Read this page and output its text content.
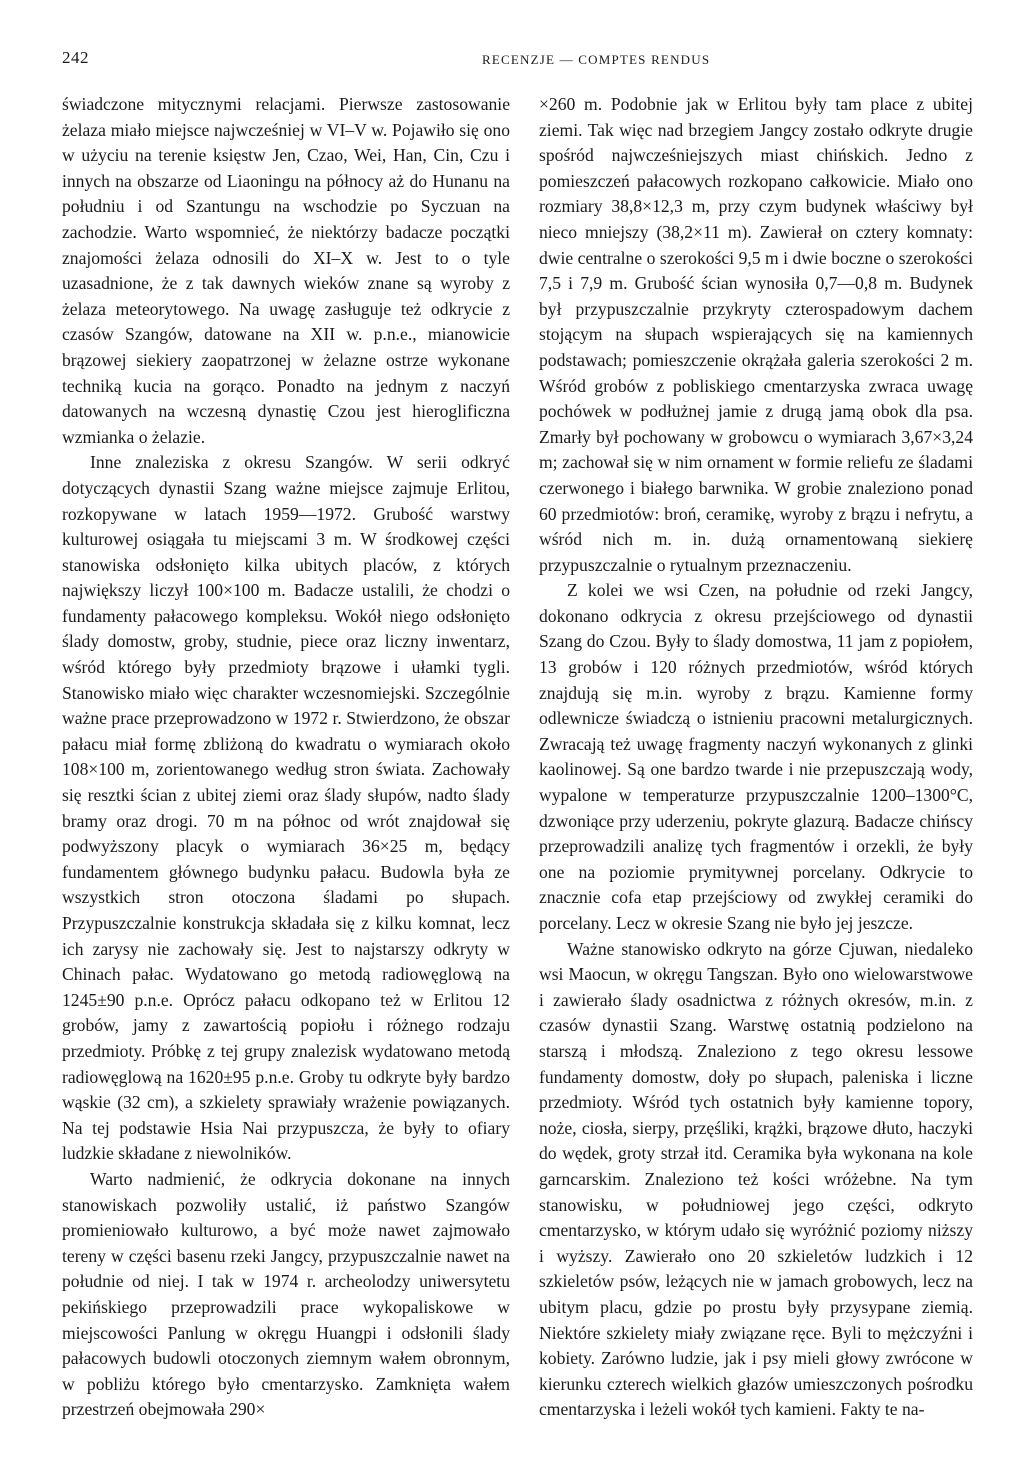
242	RECENZJE — COMPTES RENDUS

świadczone mitycznymi relacjami. Pierwsze zastosowanie żelaza miało miejsce najwcześniej w VI–V w. Pojawiło się ono w użyciu na terenie księstw Jen, Czao, Wei, Han, Cin, Czu i innych na obszarze od Liaoningu na północy aż do Hunanu na południu i od Szantungu na wschodzie po Syczuan na zachodzie. Warto wspomnieć, że niektórzy badacze początki znajomości żelaza odnosili do XI–X w. Jest to o tyle uzasadnione, że z tak dawnych wieków znane są wyroby z żelaza meteorytowego. Na uwagę zasługuje też odkrycie z czasów Szangów, datowane na XII w. p.n.e., mianowicie brązowej siekiery zaopatrzonej w żelazne ostrze wykonane techniką kucia na gorąco. Ponadto na jednym z naczyń datowanych na wczesną dynastię Czou jest hieroglificzna wzmianka o żelazie.

Inne znaleziska z okresu Szangów. W serii odkryć dotyczących dynastii Szang ważne miejsce zajmuje Erlitou, rozkopywane w latach 1959—1972. Grubość warstwy kulturowej osiągała tu miejscami 3 m. W środkowej części stanowiska odsłonięto kilka ubitych placów, z których największy liczył 100×100 m. Badacze ustalili, że chodzi o fundamenty pałacowego kompleksu. Wokół niego odsłonięto ślady domostw, groby, studnie, piece oraz liczny inwentarz, wśród którego były przedmioty brązowe i ułamki tygli. Stanowisko miało więc charakter wczesnomiejski. Szczególnie ważne prace przeprowadzono w 1972 r. Stwierdzono, że obszar pałacu miał formę zbliżoną do kwadratu o wymiarach około 108×100 m, zorientowanego według stron świata. Zachowały się resztki ścian z ubitej ziemi oraz ślady słupów, nadto ślady bramy oraz drogi. 70 m na północ od wrót znajdował się podwyższony placyk o wymiarach 36×25 m, będący fundamentem głównego budynku pałacu. Budowla była ze wszystkich stron otoczona śladami po słupach. Przypuszczalnie konstrukcja składała się z kilku komnat, lecz ich zarysy nie zachowały się. Jest to najstarszy odkryty w Chinach pałac. Wydatowano go metodą radiowęglową na 1245±90 p.n.e. Oprócz pałacu odkopano też w Erlitou 12 grobów, jamy z zawartością popiołu i różnego rodzaju przedmioty. Próbkę z tej grupy znalezisk wydatowano metodą radiowęglową na 1620±95 p.n.e. Groby tu odkryte były bardzo wąskie (32 cm), a szkielety sprawiały wrażenie powiązanych. Na tej podstawie Hsia Nai przypuszcza, że były to ofiary ludzkie składane z niewolników.

Warto nadmienić, że odkrycia dokonane na innych stanowiskach pozwoliły ustalić, iż państwo Szangów promieniowało kulturowo, a być może nawet zajmowało tereny w części basenu rzeki Jangcy, przypuszczalnie nawet na południe od niej. I tak w 1974 r. archeolodzy uniwersytetu pekińskiego przeprowadzili prace wykopaliskowe w miejscowości Panlung w okręgu Huangpi i odsłonili ślady pałacowych budowli otoczonych ziemnym wałem obronnym, w pobliżu którego było cmentarzysko. Zamknięta wałem przestrzeń obejmowała 290×

×260 m. Podobnie jak w Erlitou były tam place z ubitej ziemi. Tak więc nad brzegiem Jangcy zostało odkryte drugie spośród najwcześniejszych miast chińskich. Jedno z pomieszczeń pałacowych rozkopano całkowicie. Miało ono rozmiary 38,8×12,3 m, przy czym budynek właściwy był nieco mniejszy (38,2×11 m). Zawierał on cztery komnaty: dwie centralne o szerokości 9,5 m i dwie boczne o szerokości 7,5 i 7,9 m. Grubość ścian wynosiła 0,7—0,8 m. Budynek był przypuszczalnie przykryty czterospadowym dachem stojącym na słupach wspierających się na kamiennych podstawach; pomieszczenie okrążała galeria szerokości 2 m. Wśród grobów z pobliskiego cmentarzyska zwraca uwagę pochówek w podłużnej jamie z drugą jamą obok dla psa. Zmarły był pochowany w grobowcu o wymiarach 3,67×3,24 m; zachował się w nim ornament w formie reliefu ze śladami czerwonego i białego barwnika. W grobie znaleziono ponad 60 przedmiotów: broń, ceramikę, wyroby z brązu i nefrytu, a wśród nich m. in. dużą ornamentowaną siekierę przypuszczalnie o rytualnym przeznaczeniu.

Z kolei we wsi Czen, na południe od rzeki Jangcy, dokonano odkrycia z okresu przejściowego od dynastii Szang do Czou. Były to ślady domostwa, 11 jam z popiołem, 13 grobów i 120 różnych przedmiotów, wśród których znajdują się m.in. wyroby z brązu. Kamienne formy odlewnicze świadczą o istnieniu pracowni metalurgicznych. Zwracają też uwagę fragmenty naczyń wykonanych z glinki kaolinowej. Są one bardzo twarde i nie przepuszczają wody, wypalone w temperaturze przypuszczalnie 1200–1300°C, dzwoniące przy uderzeniu, pokryte glazurą. Badacze chińscy przeprowadzili analizę tych fragmentów i orzekli, że były one na poziomie prymitywnej porcelany. Odkrycie to znacznie cofa etap przejściowy od zwykłej ceramiki do porcelany. Lecz w okresie Szang nie było jej jeszcze.

Ważne stanowisko odkryto na górze Cjuwan, niedaleko wsi Maocun, w okręgu Tangszan. Było ono wielowarstwowe i zawierało ślady osadnictwa z różnych okresów, m.in. z czasów dynastii Szang. Warstwę ostatnią podzielono na starszą i młodszą. Znaleziono z tego okresu lessowe fundamenty domostw, doły po słupach, paleniska i liczne przedmioty. Wśród tych ostatnich były kamienne topory, noże, ciosła, sierpy, przęśliki, krążki, brązowe dłuto, haczyki do wędek, groty strzał itd. Ceramika była wykonana na kole garncarskim. Znaleziono też kości wróżebne. Na tym stanowisku, w południowej jego części, odkryto cmentarzysko, w którym udało się wyróżnić poziomy niższy i wyższy. Zawierało ono 20 szkieletów ludzkich i 12 szkieletów psów, leżących nie w jamach grobowych, lecz na ubitym placu, gdzie po prostu były przysypane ziemią. Niektóre szkielety miały związane ręce. Byli to mężczyźni i kobiety. Zarówno ludzie, jak i psy mieli głowy zwrócone w kierunku czterech wielkich głazów umieszczonych pośrodku cmentarzyska i leżeli wokół tych kamieni. Fakty te na-
